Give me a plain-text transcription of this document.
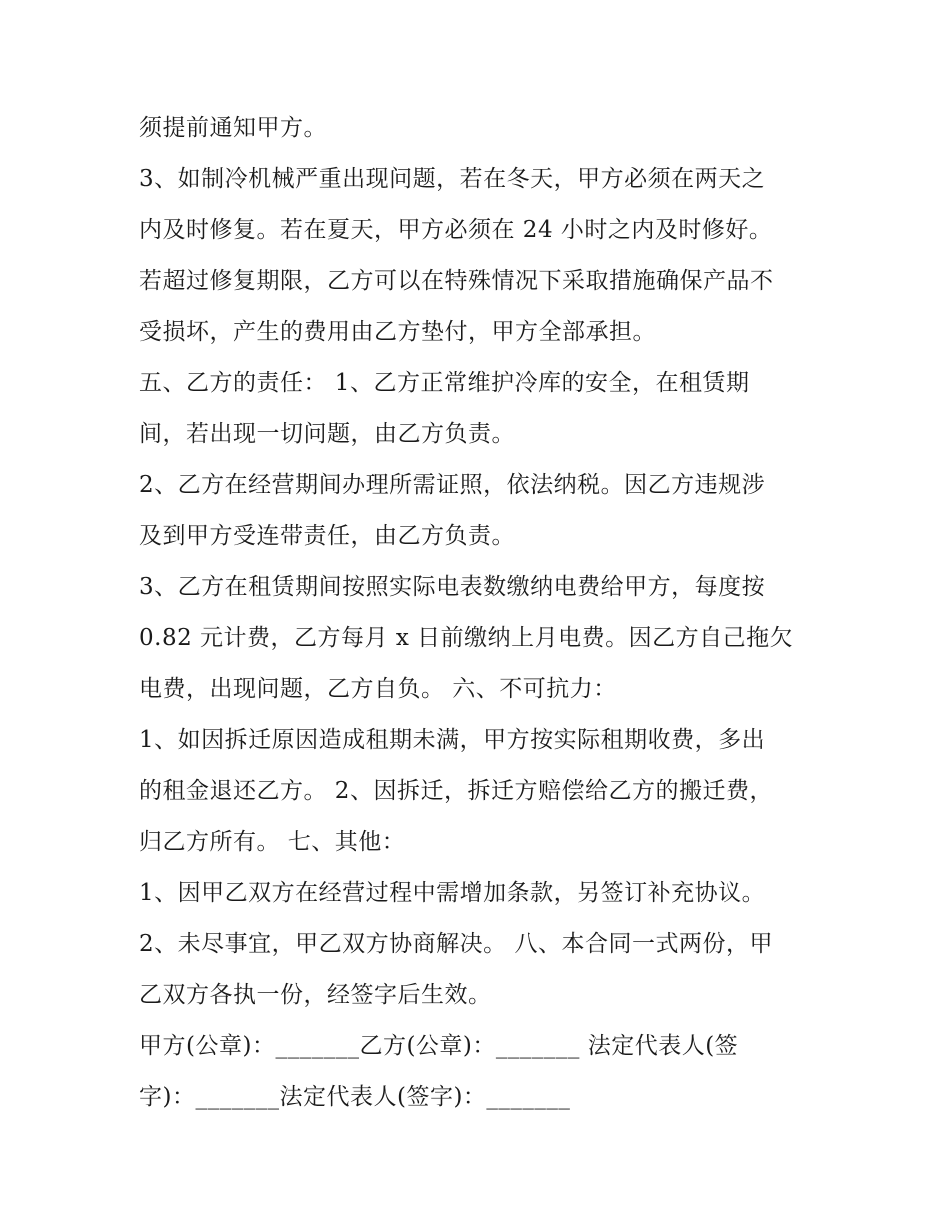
须提前通知甲方。
3、如制冷机械严重出现问题，若在冬天，甲方必须在两天之
内及时修复。若在夏天，甲方必须在 24 小时之内及时修好。
若超过修复期限，乙方可以在特殊情况下采取措施确保产品不
受损坏，产生的费用由乙方垫付，甲方全部承担。
五、乙方的责任： 1、乙方正常维护冷库的安全，在租赁期
间，若出现一切问题，由乙方负责。
2、乙方在经营期间办理所需证照，依法纳税。因乙方违规涉
及到甲方受连带责任，由乙方负责。
3、乙方在租赁期间按照实际电表数缴纳电费给甲方，每度按
0.82 元计费，乙方每月 x 日前缴纳上月电费。因乙方自己拖欠
电费，出现问题，乙方自负。 六、不可抗力：
1、如因拆迁原因造成租期未满，甲方按实际租期收费，多出
的租金退还乙方。 2、因拆迁，拆迁方赔偿给乙方的搬迁费，
归乙方所有。 七、其他：
1、因甲乙双方在经营过程中需增加条款，另签订补充协议。
2、未尽事宜，甲乙双方协商解决。 八、本合同一式两份，甲
乙双方各执一份，经签字后生效。
甲方(公章)：_______乙方(公章)：_______ 法定代表人(签
字)：_______法定代表人(签字)：_______
